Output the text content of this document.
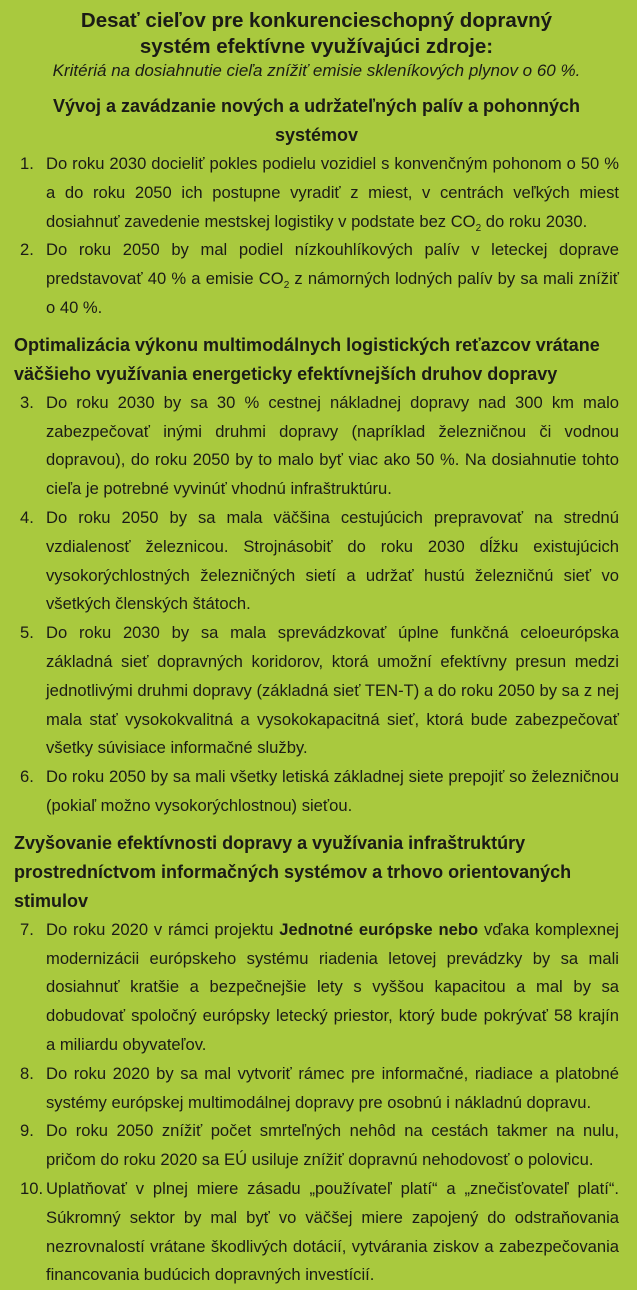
Desať cieľov pre konkurencieschopný dopravný
systém efektívne využívajúci zdroje:

Kritériá na dosiahnutie cieľa znížiť emisie skleníkových plynov o 60 %.

Vývoj a zavádzanie nových a udržateľných palív a pohonných systémov
1. Do roku 2030 docieliť pokles podielu vozidiel s konvenčným pohonom o 50 % a do roku 2050 ich postupne vyradiť z miest, v centrách veľkých miest dosiahnuť zavedenie mestskej logistiky v podstate bez $CO_2$ do roku 2030.
2. Do roku 2050 by mal podiel nízkouhlíkových palív v leteckej doprave predstavovať 40 % a emisie $CO_2$ z námorných lodných palív by sa mali znížiť o 40 %.
Optimalizácia výkonu multimodálnych logistických reťazcov vrátane väčšieho využívania energeticky efektívnejších druhov dopravy
3. Do roku 2030 by sa 30 % cestnej nákladnej dopravy nad 300 km malo zabezpečovať inými druhmi dopravy (napríklad železničnou či vodnou dopravou), do roku 2050 by to malo byť viac ako 50 %. Na dosiahnutie tohto cieľa je potrebné vyvinúť vhodnú infraštruktúru.
4. Do roku 2050 by sa mala väčšina cestujúcich prepravovať na strednú vzdialenosť železnicou. Strojnásobiť do roku 2030 dĺžku existujúcich vysokorýchlostných železničných sietí a udržať hustú železničnú sieť vo všetkých členských štátoch.
5. Do roku 2030 by sa mala sprevádzkovať úplne funkčná celoeurópska základná sieť dopravných koridorov, ktorá umožní efektívny presun medzi jednotlivými druhmi dopravy (základná sieť TEN-T) a do roku 2050 by sa z nej mala stať vysokokvalitná a vysokokapacitná sieť, ktorá bude zabezpečovať všetky súvisiace informačné služby.
6. Do roku 2050 by sa mali všetky letiská základnej siete prepojiť so železničnou (pokiaľ možno vysokorýchlostnou) sieťou.
Zvyšovanie efektívnosti dopravy a využívania infraštruktúry prostredníctvom informačných systémov a trhovo orientovaných stimulov
7. Do roku 2020 v rámci projektu Jednotné európske nebo vďaka komplexnej modernizácii európskeho systému riadenia letovej prevádzky by sa mali dosiahnuť kratšie a bezpečnejšie lety s vyššou kapacitou a mal by sa dobudovať spoločný európsky letecký priestor, ktorý bude pokrývať 58 krajín a miliardu obyvateľov.
8. Do roku 2020 by sa mal vytvoriť rámec pre informačné, riadiace a platobné systémy európskej multimodálnej dopravy pre osobnú i nákladnú dopravu.
9. Do roku 2050 znížiť počet smrteľných nehôd na cestách takmer na nulu, pričom do roku 2020 sa EÚ usiluje znížiť dopravnú nehodovosť o polovicu.
10. Uplatňovať v plnej miere zásadu „používateľ platí“ a „znečisťovateľ platí“. Súkromný sektor by mal byť vo väčšej miere zapojený do odstraňovania nezrovnalostí vrátane škodlivých dotácií, vytvárania ziskov a zabezpečovania financovania budúcich dopravných investícií.
